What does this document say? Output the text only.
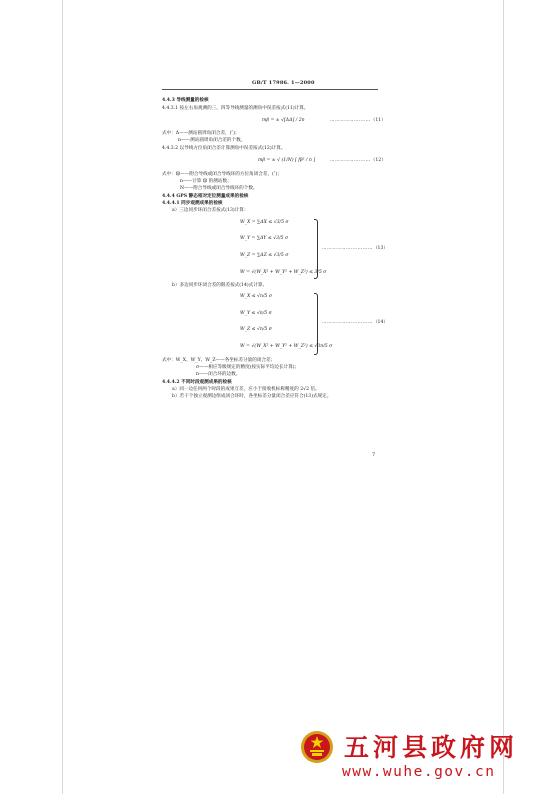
GB/T 17986. 1—2000
4.4.3 导线测量的检核
4.4.3.1 按左右角观测的三、四等导线测量的测角中误差按式(11)计算。
mβ = ± √[ΔΔ] / 2n	……………………（11）
式中：Δ——测站圆周角闭合差，(″)；
n——测站圆周角闭合差的个数。
4.4.3.2 以导线方位角闭合差计算测角中误差按式(12)计算。
mβ = ± √ (1/N) [ fβ² / n ]	……………………（12）
式中：fβ——附合导线或闭合导线环的方位角闭合差，(″)；
n——计算 fβ 的测站数；
N——附合导线或闭合导线环的个数。
4.4.4 GPS 静态相对定位测量成果的检核
4.4.4.1 同步观测成果的检核
a）三边同步环闭合差按式(13)计算：
W_X = ∑ΔX ≤ √3/5 σ
W_Y = ∑ΔY ≤ √3/5 σ
W_Z = ∑ΔZ ≤ √3/5 σ
W = √(W_X² + W_Y² + W_Z²) ≤ 3/5 σ
…………………………（13）
b）多边同步环闭合差的限差按式(14)式计算。
W_X ≤ √n/5 σ
W_Y ≤ √n/5 σ
W_Z ≤ √n/5 σ
W = √(W_X² + W_Y² + W_Z²) ≤ √3n/5 σ
…………………………（14）
式中：W_X、W_Y、W_Z——各坐标差分量的闭合差；
σ——相应等级规定的精度(按实际平均边长计算)；
n——闭合环的边数。
4.4.4.2 不同时段观测成果的检核
a）同一边任何两个时段的成果互差，应小于接收机标称精度的 2√2 倍。
b）若干个独立观测边组成闭合环时，各坐标差分量闭合差应符合(13)式规定。
7
五河县政府网
www.wuhe.gov.cn
